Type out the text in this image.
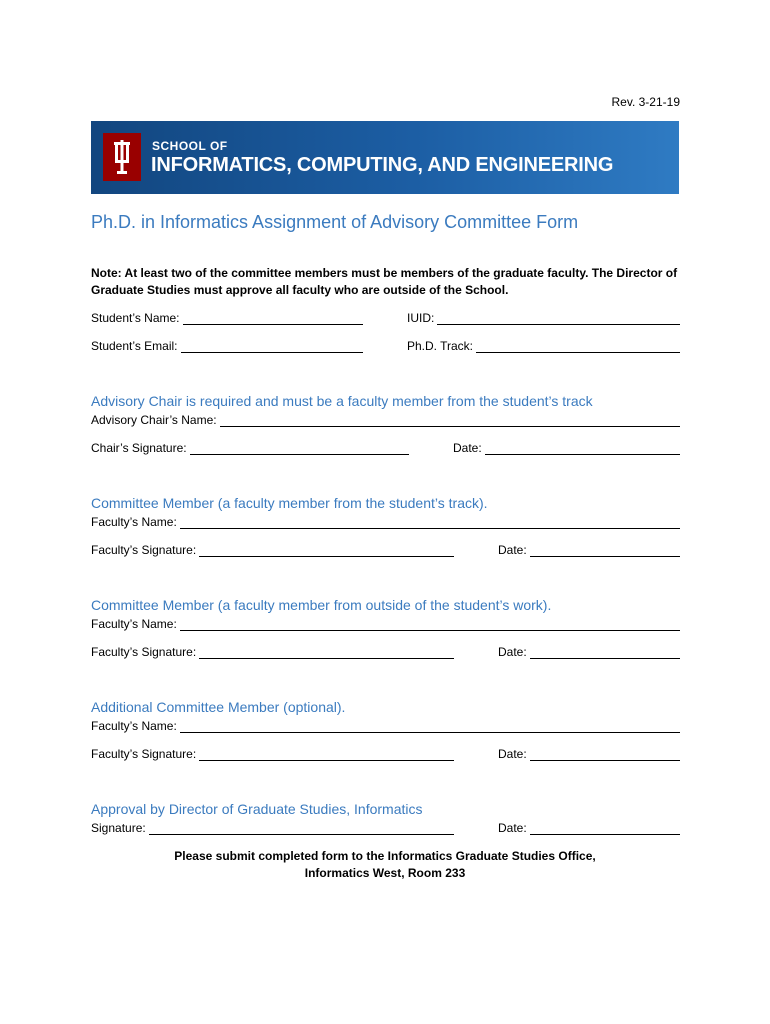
Rev. 3-21-19
SCHOOL OF
INFORMATICS, COMPUTING, AND ENGINEERING
Ph.D. in Informatics Assignment of Advisory Committee Form
Note: At least two of the committee members must be members of the graduate faculty. The Director of Graduate Studies must approve all faculty who are outside of the School.
Student’s Name:	IUID:
Student’s Email:	Ph.D. Track:
Advisory Chair is required and must be a faculty member from the student’s track
Advisory Chair’s Name:
Chair’s Signature:	Date:
Committee Member (a faculty member from the student’s track).
Faculty’s Name:
Faculty’s Signature:	Date:
Committee Member (a faculty member from outside of the student’s work).
Faculty’s Name:
Faculty’s Signature:	Date:
Additional Committee Member (optional).
Faculty’s Name:
Faculty’s Signature:	Date:
Approval by Director of Graduate Studies, Informatics
Signature:	Date:
Please submit completed form to the Informatics Graduate Studies Office,
Informatics West, Room 233
